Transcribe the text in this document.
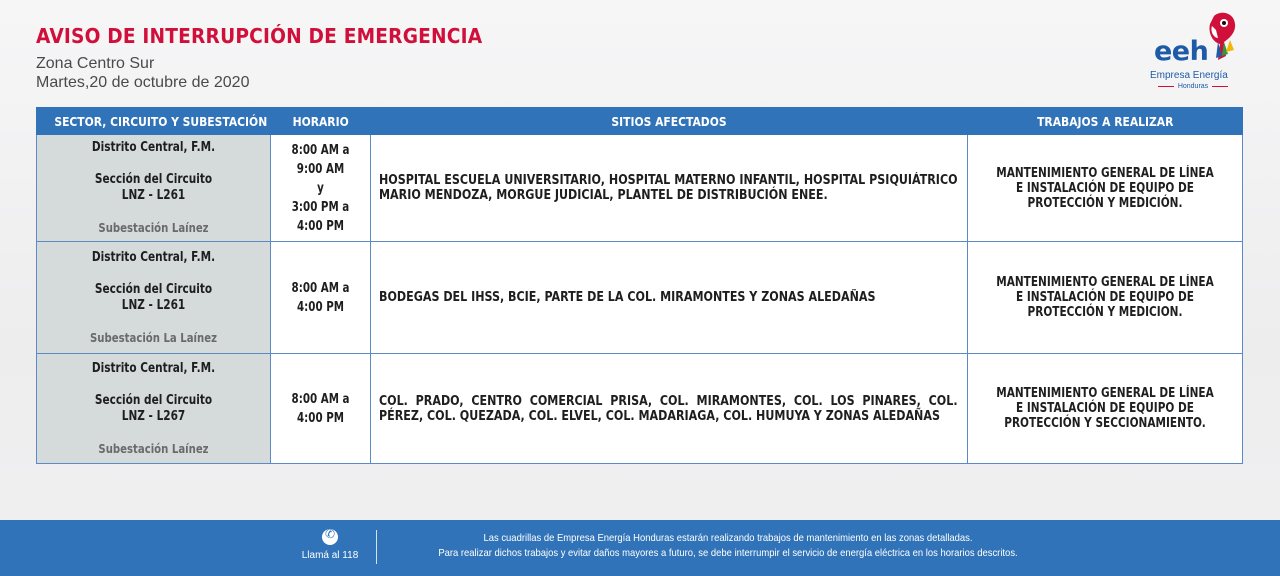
AVISO DE INTERRUPCIÓN DE EMERGENCIA
Zona Centro Sur
Martes,20 de octubre de 2020
eeh
Empresa Energía
Honduras
SECTOR, CIRCUITO Y SUBESTACIÓN	HORARIO	SITIOS AFECTADOS	TRABAJOS A REALIZAR

Distrito Central, F.M.
Sección del Circuito
LNZ - L261
Subestación Laínez	8:00 AM a
9:00 AM
y
3:00 PM a
4:00 PM	HOSPITAL ESCUELA UNIVERSITARIO, HOSPITAL MATERNO INFANTIL, HOSPITAL PSIQUIÁTRICO MARIO MENDOZA, MORGUE JUDICIAL, PLANTEL DE DISTRIBUCIÓN ENEE.	MANTENIMIENTO GENERAL DE LÍNEA E INSTALACIÓN DE EQUIPO DE PROTECCIÓN Y MEDICIÓN.

Distrito Central, F.M.
Sección del Circuito
LNZ - L261
Subestación La Laínez	8:00 AM a
4:00 PM	BODEGAS DEL IHSS, BCIE, PARTE DE LA COL. MIRAMONTES Y ZONAS ALEDAÑAS	MANTENIMIENTO GENERAL DE LÍNEA E INSTALACIÓN DE EQUIPO DE PROTECCIÓN Y MEDICION.

Distrito Central, F.M.
Sección del Circuito
LNZ - L267
Subestación Laínez	8:00 AM a
4:00 PM	COL. PRADO, CENTRO COMERCIAL PRISA, COL. MIRAMONTES, COL. LOS PINARES, COL. PÉREZ, COL. QUEZADA, COL. ELVEL, COL. MADARIAGA, COL. HUMUYA Y ZONAS ALEDAÑAS	MANTENIMIENTO GENERAL DE LÍNEA E INSTALACIÓN DE EQUIPO DE PROTECCIÓN Y SECCIONAMIENTO.
✆
Llamá al 118
Las cuadrillas de Empresa Energía Honduras estarán realizando trabajos de mantenimiento en las zonas detalladas.
Para realizar dichos trabajos y evitar daños mayores a futuro, se debe interrumpir el servicio de energía eléctrica en los horarios descritos.
